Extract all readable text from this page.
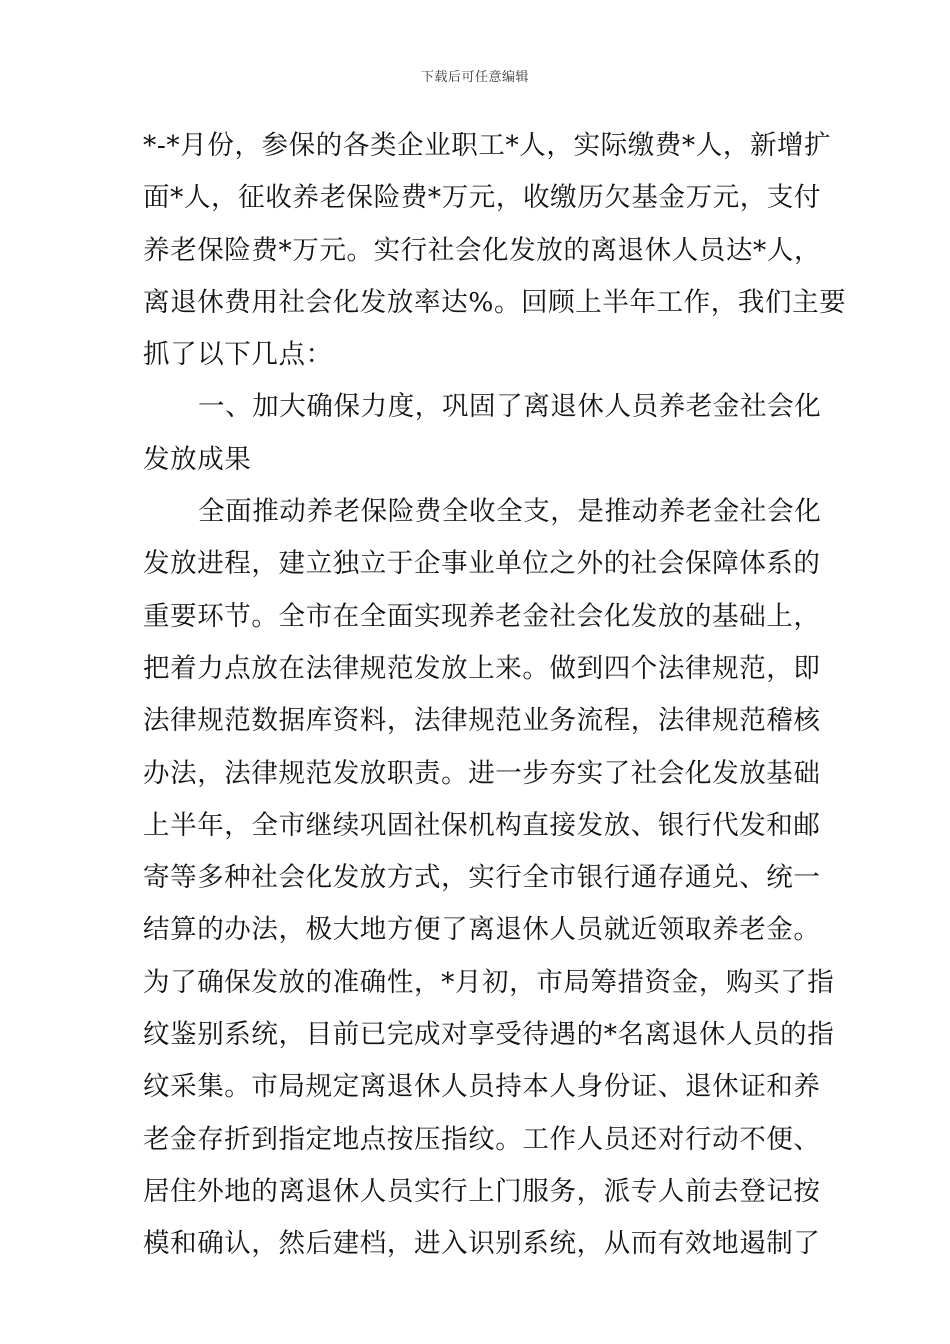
下载后可任意编辑
*-*月份，参保的各类企业职工*人，实际缴费*人，新增扩
面*人，征收养老保险费*万元，收缴历欠基金万元，支付
养老保险费*万元。实行社会化发放的离退休人员达*人，
离退休费用社会化发放率达%。回顾上半年工作，我们主要
抓了以下几点：
一、加大确保力度，巩固了离退休人员养老金社会化
发放成果
全面推动养老保险费全收全支，是推动养老金社会化
发放进程，建立独立于企事业单位之外的社会保障体系的
重要环节。全市在全面实现养老金社会化发放的基础上，
把着力点放在法律规范发放上来。做到四个法律规范，即
法律规范数据库资料，法律规范业务流程，法律规范稽核
办法，法律规范发放职责。进一步夯实了社会化发放基础
上半年，全市继续巩固社保机构直接发放、银行代发和邮
寄等多种社会化发放方式，实行全市银行通存通兑、统一
结算的办法，极大地方便了离退休人员就近领取养老金。
为了确保发放的准确性，*月初，市局筹措资金，购买了指
纹鉴别系统，目前已完成对享受待遇的*名离退休人员的指
纹采集。市局规定离退休人员持本人身份证、退休证和养
老金存折到指定地点按压指纹。工作人员还对行动不便、
居住外地的离退休人员实行上门服务，派专人前去登记按
模和确认，然后建档，进入识别系统，从而有效地遏制了
